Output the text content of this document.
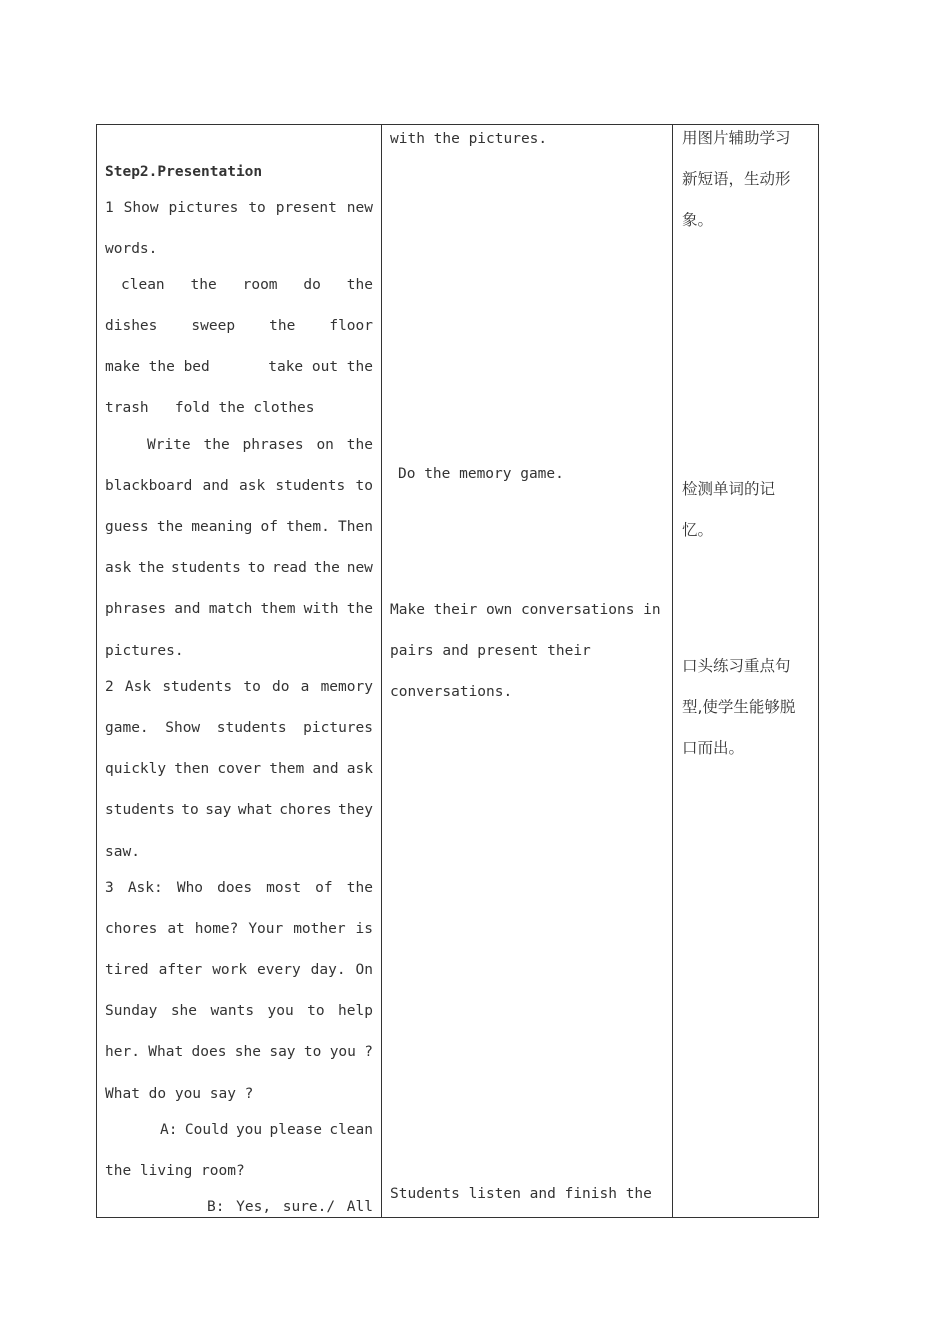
Step2.Presentation
1 Show pictures to present new
words.
clean the room do the
dishes sweep the floor
make the bed	take out the
trash   fold the clothes
Write the phrases on the
blackboard and ask students to
guess the meaning of them. Then
ask the students to read the new
phrases and match them with the
pictures.
2 Ask students to do a memory
game. Show students pictures
quickly then cover them and ask
students to say what chores they
saw.
3 Ask: Who does most of the
chores at home? Your mother is
tired after work every day. On
Sunday she wants you to help
her. What does she say to you ?
What do you say ?
A: Could you please clean
the living room?
B: Yes, sure./ All
with the pictures.
Do the memory game.
Make their own conversations in
pairs and present their
conversations.
Students listen and finish the
用图片辅助学习
新短语，生动形
象。
检测单词的记
忆。
口头练习重点句
型,使学生能够脱
口而出。
